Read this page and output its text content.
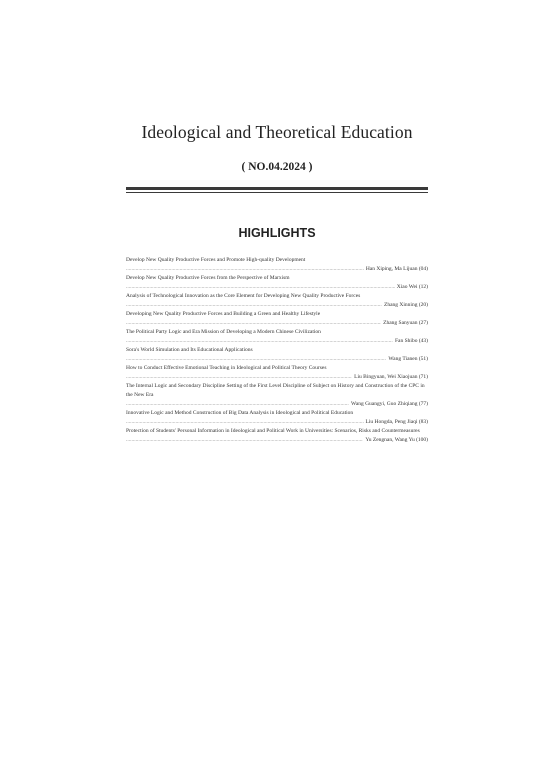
Ideological and Theoretical Education
( NO.04.2024 )
HIGHLIGHTS
Develop New Quality Productive Forces and Promote High-quality Development
.....
Han Xiping, Ma Lijuan (04)
Develop New Quality Productive Forces from the Perspective of Marxism
.....
Xiao Wei (12)
Analysis of Technological Innovation as the Core Element for Developing New Quality Productive Forces
.....
Zhang Xinning (20)
Developing New Quality Productive Forces and Building a Green and Healthy Lifestyle
.....
Zhang Sanyuan (27)
The Political Party Logic and Era Mission of Developing a Modern Chinese Civilization
.....
Fan Shibo (43)
Sora's World Simulation and Its Educational Applications
.....
Wang Tianen (51)
How to Conduct Effective Emotional Teaching in Ideological and Political Theory Courses
.....
Liu Bingyuan, Wei Xiaojuan (71)
The Internal Logic and Secondary Discipline Setting of the First Level Discipline of Subject on History and Construction of the CPC in the New Era
.....
Wang Guangyi, Guo Zhiqiang (77)
Innovative Logic and Method Construction of Big Data Analysis in Ideological and Political Education
.....
Liu Hongda, Peng Jiaqi (83)
Protection of Students' Personal Information in Ideological and Political Work in Universities: Scenarios, Risks and Countermeasures
.....
Yu Zengnan, Wang Yu (100)
